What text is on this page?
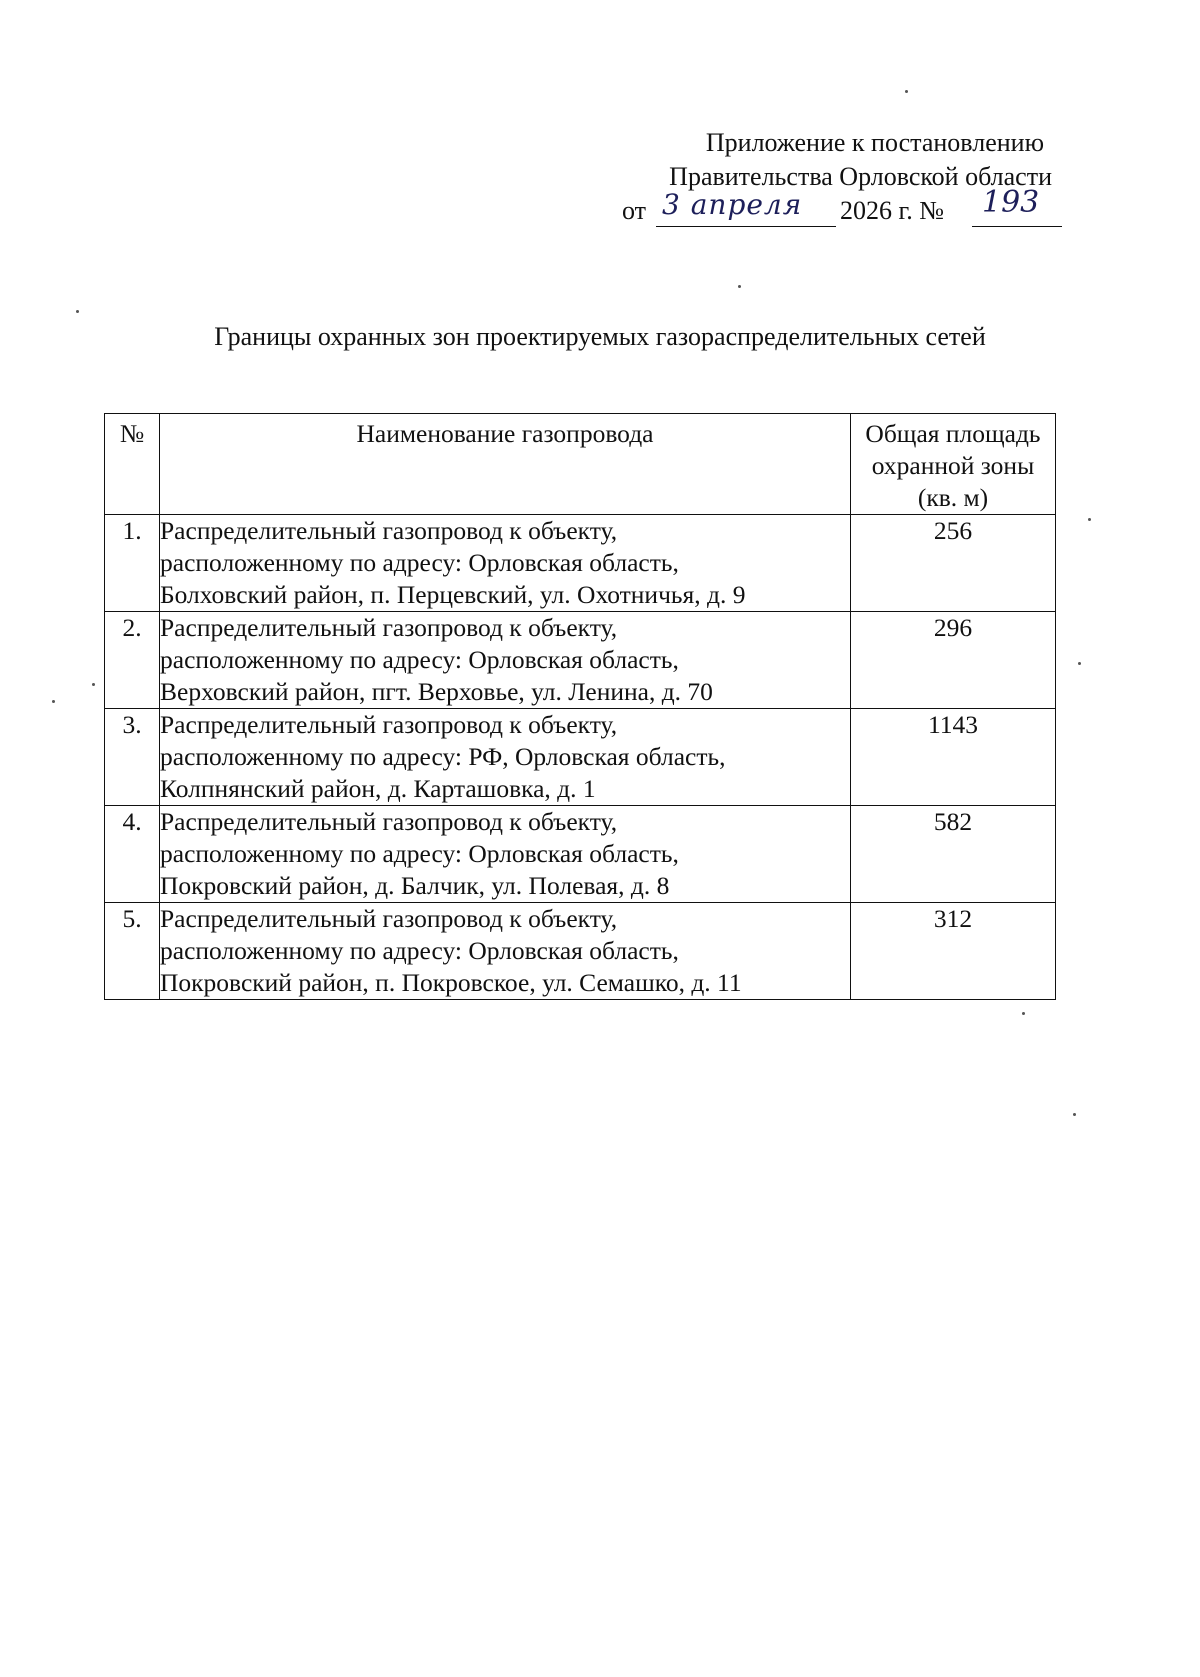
Приложение к постановлению
Правительства Орловской области
от 3 апреля 2026 г. № 193
Границы охранных зон проектируемых газораспределительных сетей
№	Наименование газопровода	Общая площадь
охранной зоны
(кв. м)

1.	Распределительный газопровод к объекту,
расположенному по адресу: Орловская область,
Болховский район, п. Перцевский, ул. Охотничья, д. 9	256
2.	Распределительный газопровод к объекту,
расположенному по адресу: Орловская область,
Верховский район, пгт. Верховье, ул. Ленина, д. 70	296
3.	Распределительный газопровод к объекту,
расположенному по адресу: РФ, Орловская область,
Колпнянский район, д. Карташовка, д. 1	1143
4.	Распределительный газопровод к объекту,
расположенному по адресу: Орловская область,
Покровский район, д. Балчик, ул. Полевая, д. 8	582
5.	Распределительный газопровод к объекту,
расположенному по адресу: Орловская область,
Покровский район, п. Покровское, ул. Семашко, д. 11	312
